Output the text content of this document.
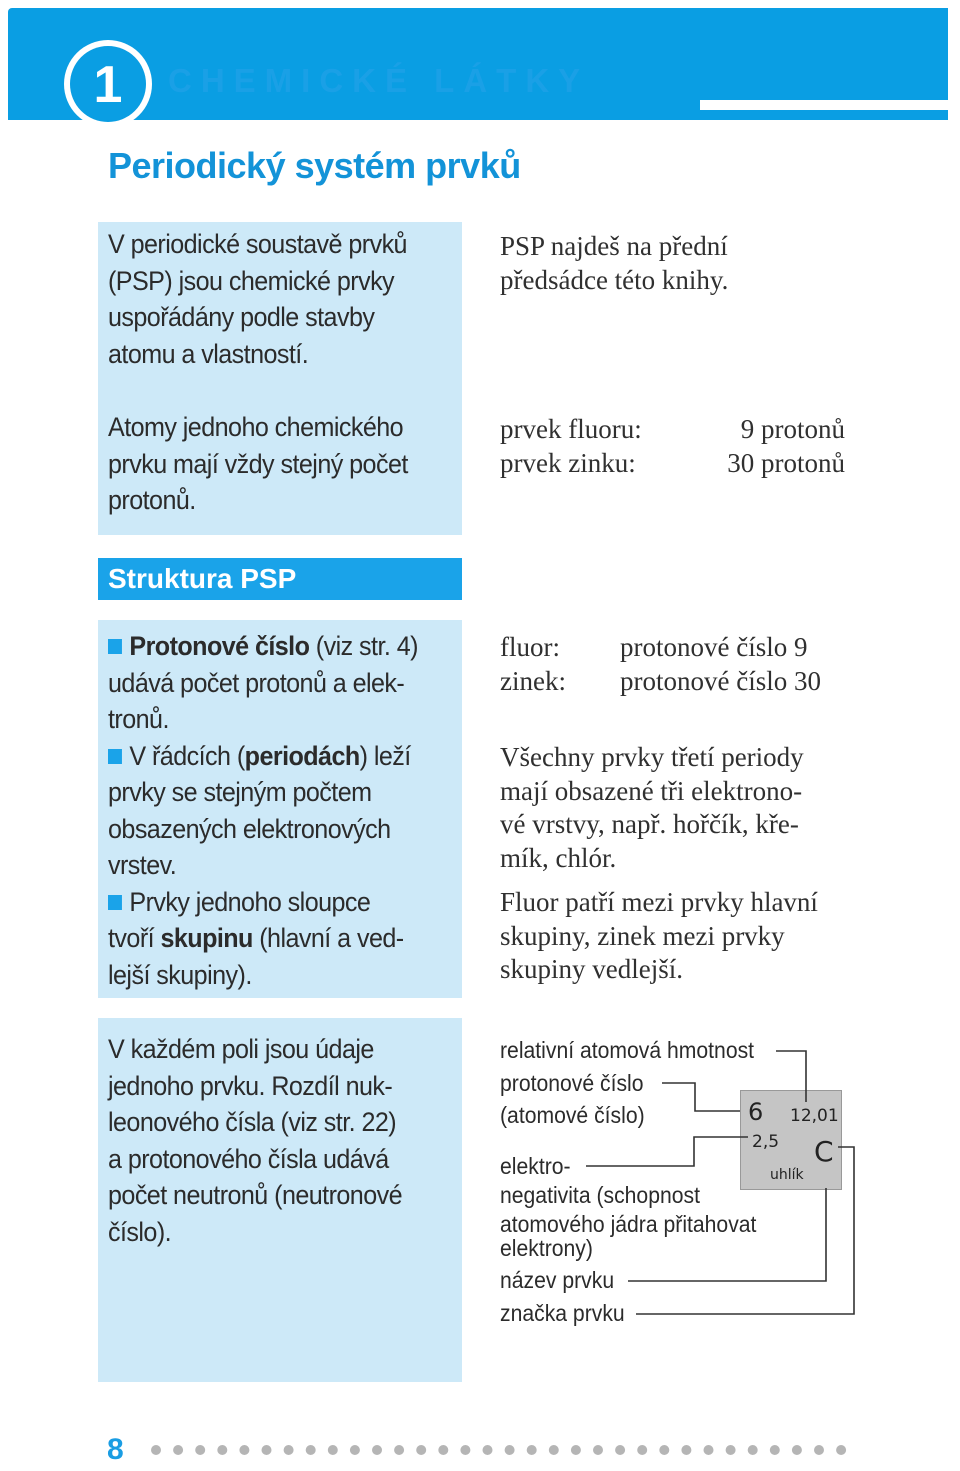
1 CHEMICKÉ LÁTKY
Periodický systém prvků
Struktura PSP
V periodické soustavě prvků
(PSP) jsou chemické prvky
uspořádány podle stavby
atomu a vlastností.
PSP najdeš na přední
předsádce této knihy.
Atomy jednoho chemického
prvku mají vždy stejný počet
protonů.
prvek fluoru:
prvek zinku:
9 protonů
30 protonů
Protonové číslo (viz str. 4)
udává počet protonů a elek-
tronů.
V řádcích (periodách) leží
prvky se stejným počtem
obsazených elektronových
vrstev.
Prvky jednoho sloupce
tvoří skupinu (hlavní a ved-
lejší skupiny).
fluor:
zinek:
protonové číslo 9
protonové číslo 30
Všechny prvky třetí periody
mají obsazené tři elektrono-
vé vrstvy, např. hořčík, kře-
mík, chlór.
Fluor patří mezi prvky hlavní
skupiny, zinek mezi prvky
skupiny vedlejší.
V každém poli jsou údaje
jednoho prvku. Rozdíl nuk-
leonového čísla (viz str. 22)
a protonového čísla udává
počet neutronů (neutronové
číslo).
relativní atomová hmotnost
protonové číslo
(atomové číslo)
elektro-
negativita (schopnost
atomového jádra přitahovat
elektrony)
název prvku
značka prvku
6 12,01
2,5 C
uhlík
8
